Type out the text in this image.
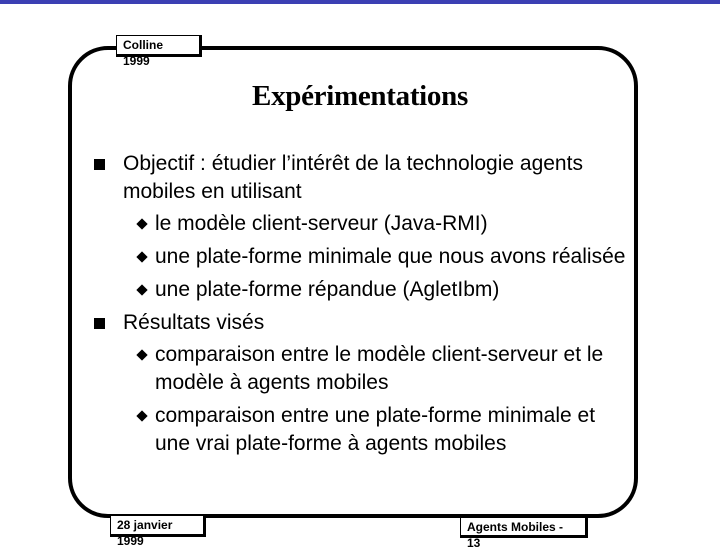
Colline 1999
Expérimentations
Objectif : étudier l’intérêt de la technologie agents mobiles en utilisant
le modèle client-serveur (Java-RMI)
une plate-forme minimale que nous avons réalisée
une plate-forme répandue (AgletIbm)
Résultats visés
comparaison entre le modèle client-serveur et le modèle à agents mobiles
comparaison entre une plate-forme minimale et une vrai plate-forme à agents mobiles
28 janvier 1999
Agents Mobiles - 13
